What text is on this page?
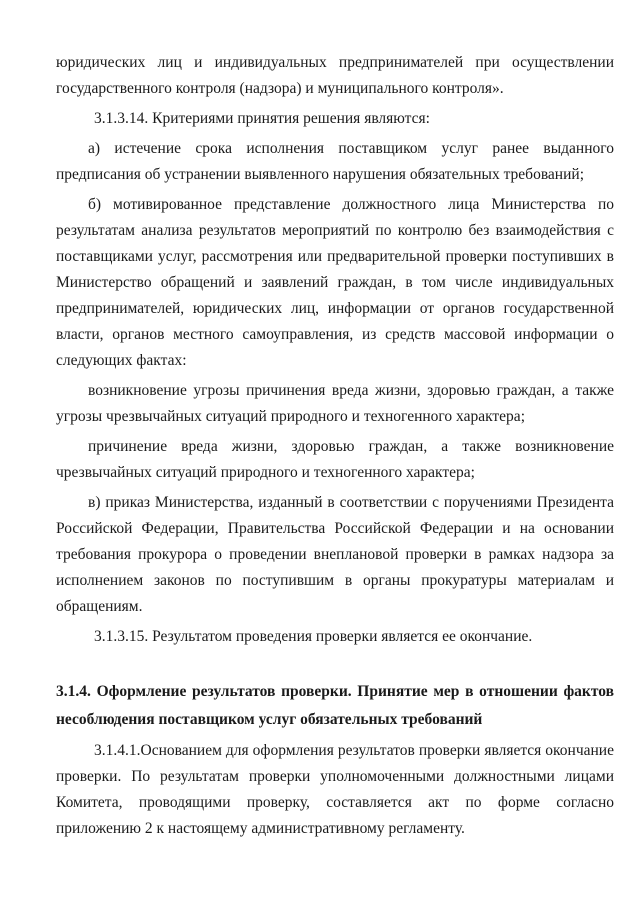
юридических лиц и индивидуальных предпринимателей при осуществлении государственного контроля (надзора) и муниципального контроля».

3.1.3.14. Критериями принятия решения являются:

а) истечение срока исполнения поставщиком услуг ранее выданного предписания об устранении выявленного нарушения обязательных требований;

б) мотивированное представление должностного лица Министерства по результатам анализа результатов мероприятий по контролю без взаимодействия с поставщиками услуг, рассмотрения или предварительной проверки поступивших в Министерство обращений и заявлений граждан, в том числе индивидуальных предпринимателей, юридических лиц, информации от органов государственной власти, органов местного самоуправления, из средств массовой информации о следующих фактах:

возникновение угрозы причинения вреда жизни, здоровью граждан, а также угрозы чрезвычайных ситуаций природного и техногенного характера;

причинение вреда жизни, здоровью граждан, а также возникновение чрезвычайных ситуаций природного и техногенного характера;

в) приказ Министерства, изданный в соответствии с поручениями Президента Российской Федерации, Правительства Российской Федерации и на основании требования прокурора о проведении внеплановой проверки в рамках надзора за исполнением законов по поступившим в органы прокуратуры материалам и обращениям.

3.1.3.15. Результатом проведения проверки является ее окончание.

3.1.4. Оформление результатов проверки. Принятие мер в отношении фактов несоблюдения поставщиком услуг обязательных требований

3.1.4.1.Основанием для оформления результатов проверки является окончание проверки. По результатам проверки уполномоченными должностными лицами Комитета, проводящими проверку, составляется акт по форме согласно приложению 2 к настоящему административному регламенту.
